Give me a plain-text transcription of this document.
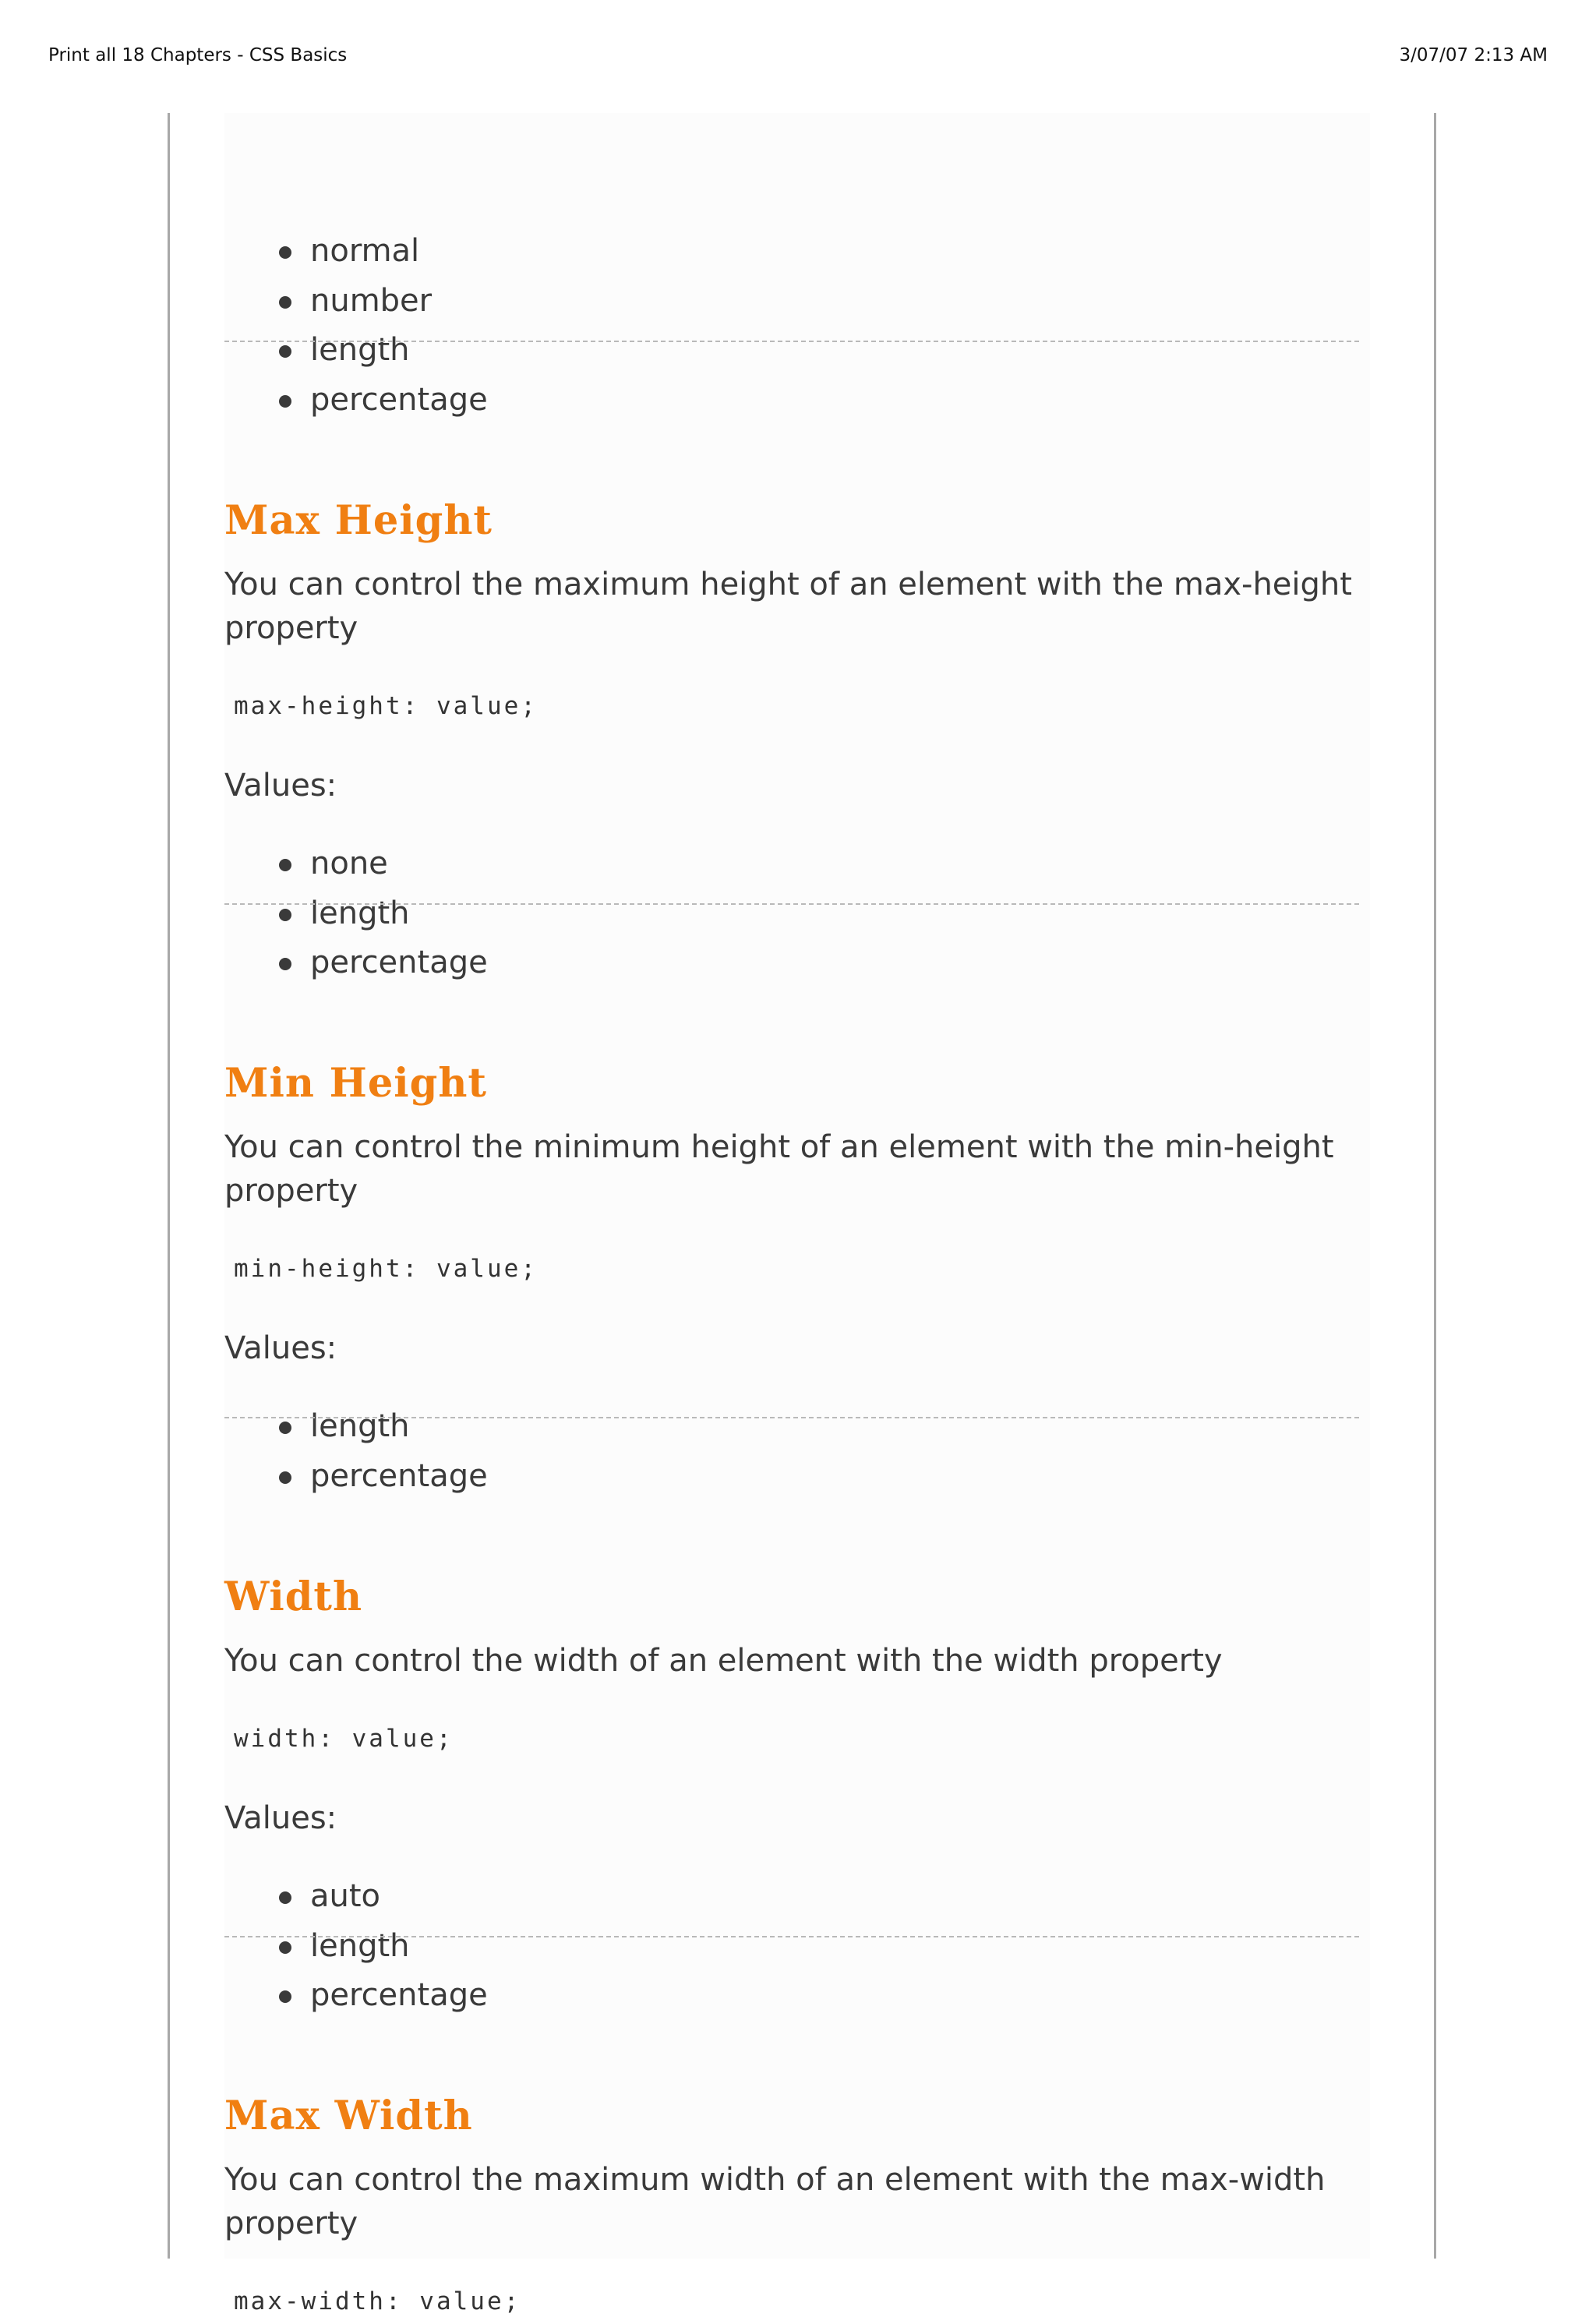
Print all 18 Chapters - CSS Basics	3/07/07 2:13 AM
normal
number
length
percentage
Max Height

You can control the maximum height of an element with the max-height property

max-height: value;
Values:
none
length
percentage
Min Height

You can control the minimum height of an element with the min-height property

min-height: value;
Values:
length
percentage
Width

You can control the width of an element with the width property

width: value;
Values:
auto
length
percentage
Max Width

You can control the maximum width of an element with the max-width property

max-width: value;
